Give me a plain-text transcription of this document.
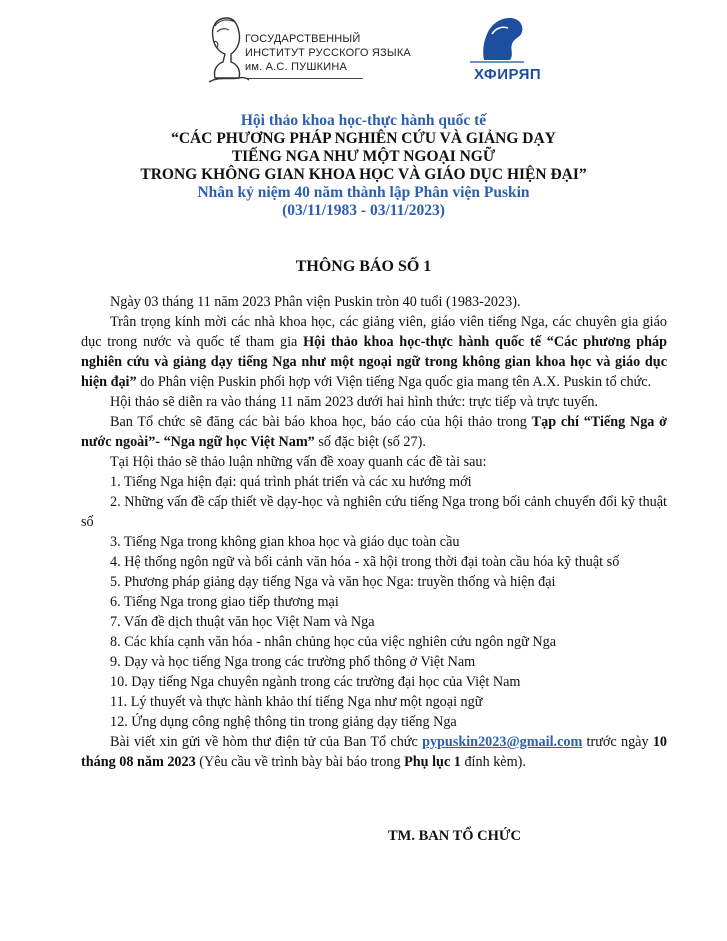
ГОСУДАРСТВЕННЫЙ
ИНСТИТУТ РУССКОГО ЯЗЫКА
им. А.С. ПУШКИНА	ХФИРЯП
Hội thảo khoa học-thực hành quốc tế
“CÁC PHƯƠNG PHÁP NGHIÊN CỨU VÀ GIẢNG DẠY
TIẾNG NGA NHƯ MỘT NGOẠI NGỮ
TRONG KHÔNG GIAN KHOA HỌC VÀ GIÁO DỤC HIỆN ĐẠI”
Nhân kỷ niệm 40 năm thành lập Phân viện Puskin
(03/11/1983 - 03/11/2023)
THÔNG BÁO SỐ 1

Ngày 03 tháng 11 năm 2023 Phân viện Puskin tròn 40 tuổi (1983-2023).

Trân trọng kính mời các nhà khoa học, các giảng viên, giáo viên tiếng Nga, các chuyên gia giáo dục trong nước và quốc tế tham gia Hội thảo khoa học-thực hành quốc tế “Các phương pháp nghiên cứu và giảng dạy tiếng Nga như một ngoại ngữ trong không gian khoa học và giáo dục hiện đại” do Phân viện Puskin phối hợp với Viện tiếng Nga quốc gia mang tên A.X. Puskin tổ chức.

Hội thảo sẽ diễn ra vào tháng 11 năm 2023 dưới hai hình thức: trực tiếp và trực tuyến.

Ban Tổ chức sẽ đăng các bài báo khoa học, báo cáo của hội thảo trong Tạp chí “Tiếng Nga ở nước ngoài”- “Nga ngữ học Việt Nam” số đặc biệt (số 27).

Tại Hội thảo sẽ thảo luận những vấn đề xoay quanh các đề tài sau:

1. Tiếng Nga hiện đại: quá trình phát triển và các xu hướng mới

2. Những vấn đề cấp thiết về dạy-học và nghiên cứu tiếng Nga trong bối cảnh chuyển đổi kỹ thuật số

3. Tiếng Nga trong không gian khoa học và giáo dục toàn cầu

4. Hệ thống ngôn ngữ và bối cảnh văn hóa - xã hội trong thời đại toàn cầu hóa kỹ thuật số

5. Phương pháp giảng dạy tiếng Nga và văn học Nga: truyền thống và hiện đại

6. Tiếng Nga trong giao tiếp thương mại

7. Vấn đề dịch thuật văn học Việt Nam và Nga

8. Các khía cạnh văn hóa - nhân chủng học của việc nghiên cứu ngôn ngữ Nga

9. Dạy và học tiếng Nga trong các trường phổ thông ở Việt Nam

10. Dạy tiếng Nga chuyên ngành trong các trường đại học của Việt Nam

11. Lý thuyết và thực hành khảo thí tiếng Nga như một ngoại ngữ

12. Ứng dụng công nghệ thông tin trong giảng dạy tiếng Nga

Bài viết xin gửi về hòm thư điện tử của Ban Tổ chức pypuskin2023@gmail.com trước ngày 10 tháng 08 năm 2023 (Yêu cầu về trình bày bài báo trong Phụ lục 1 đính kèm).

TM. BAN TỔ CHỨC
